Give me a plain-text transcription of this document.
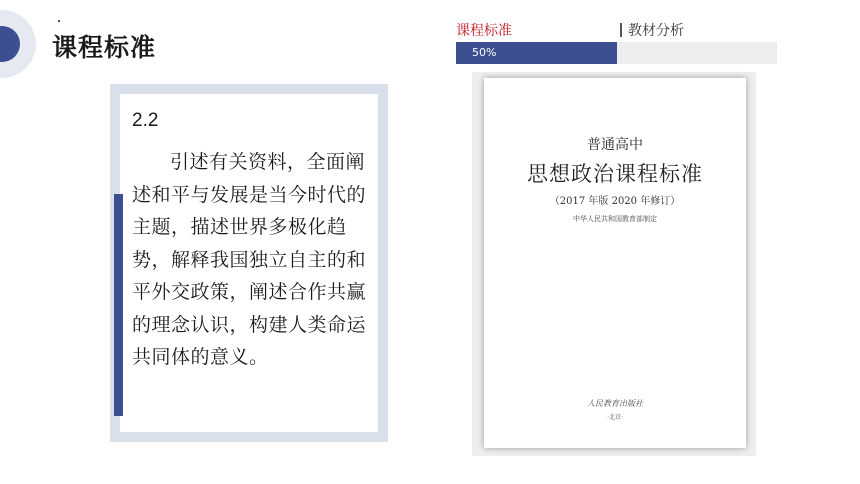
课程标准
课程标准	教材分析
50%
2.2
引述有关资料，全面阐述和平与发展是当今时代的主题，描述世界多极化趋势，解释我国独立自主的和平外交政策，阐述合作共赢的理念认识，构建人类命运共同体的意义。
普通高中
思想政治课程标准
（2017 年版 2020 年修订）
中华人民共和国教育部制定
人民教育出版社
·北京·
